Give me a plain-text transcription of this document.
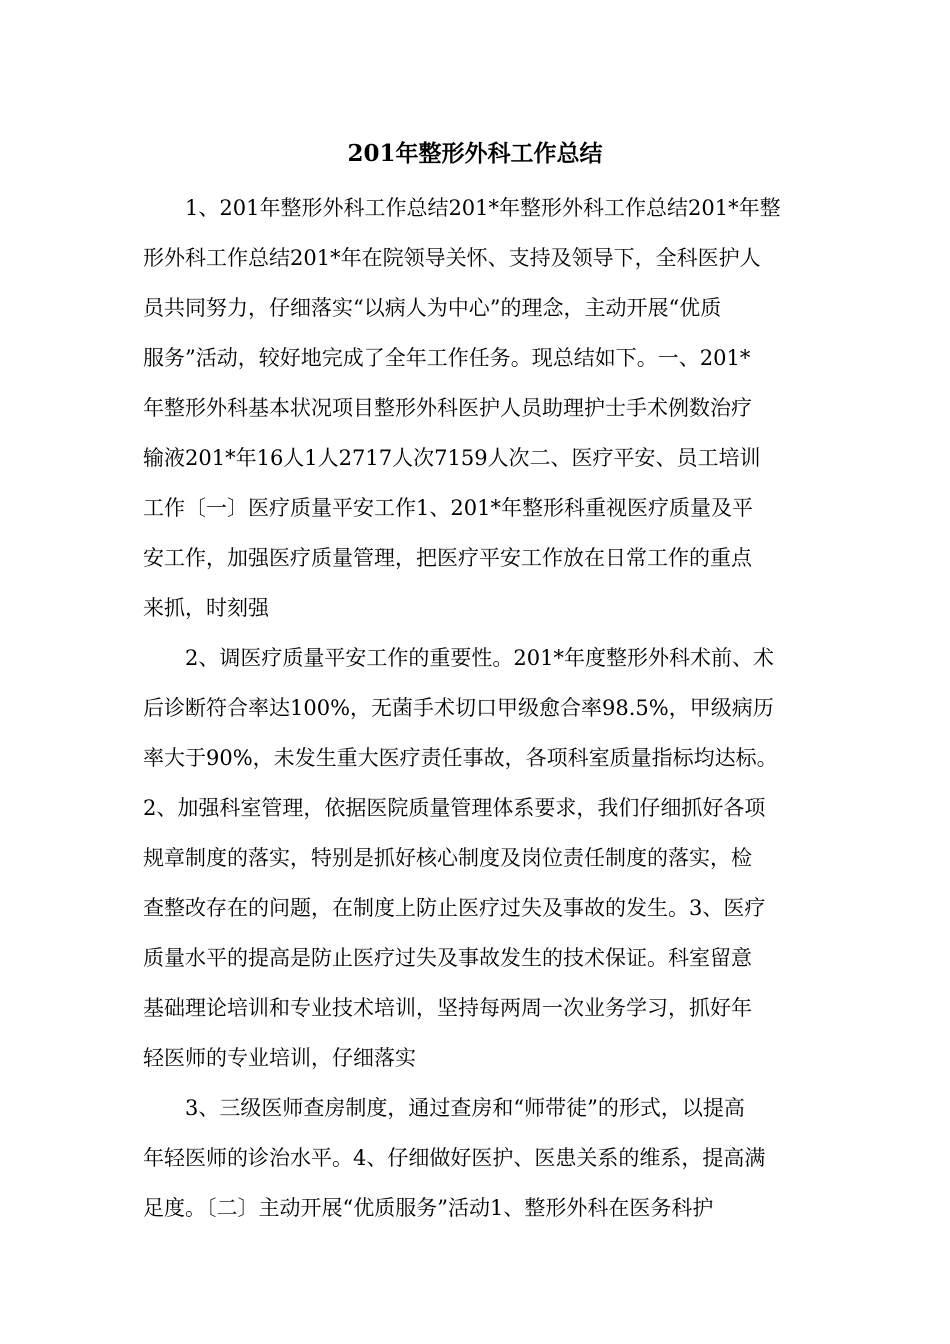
201年整形外科工作总结
　　1、201年整形外科工作总结201*年整形外科工作总结201*年整
形外科工作总结201*年在院领导关怀、支持及领导下，全科医护人
员共同努力，仔细落实“以病人为中心”的理念，主动开展“优质
服务”活动，较好地完成了全年工作任务。现总结如下。一、201*
年整形外科基本状况项目整形外科医护人员助理护士手术例数治疗
输液201*年16人1人2717人次7159人次二、医疗平安、员工培训
工作〔一〕医疗质量平安工作1、201*年整形科重视医疗质量及平
安工作，加强医疗质量管理，把医疗平安工作放在日常工作的重点
来抓，时刻强
　　2、调医疗质量平安工作的重要性。201*年度整形外科术前、术
后诊断符合率达100%，无菌手术切口甲级愈合率98.5%，甲级病历
率大于90%，未发生重大医疗责任事故，各项科室质量指标均达标。
2、加强科室管理，依据医院质量管理体系要求，我们仔细抓好各项
规章制度的落实，特别是抓好核心制度及岗位责任制度的落实，检
查整改存在的问题，在制度上防止医疗过失及事故的发生。3、医疗
质量水平的提高是防止医疗过失及事故发生的技术保证。科室留意
基础理论培训和专业技术培训，坚持每两周一次业务学习，抓好年
轻医师的专业培训，仔细落实
　　3、三级医师查房制度，通过查房和“师带徒”的形式，以提高
年轻医师的诊治水平。4、仔细做好医护、医患关系的维系，提高满
足度。〔二〕主动开展“优质服务”活动1、整形外科在医务科护
